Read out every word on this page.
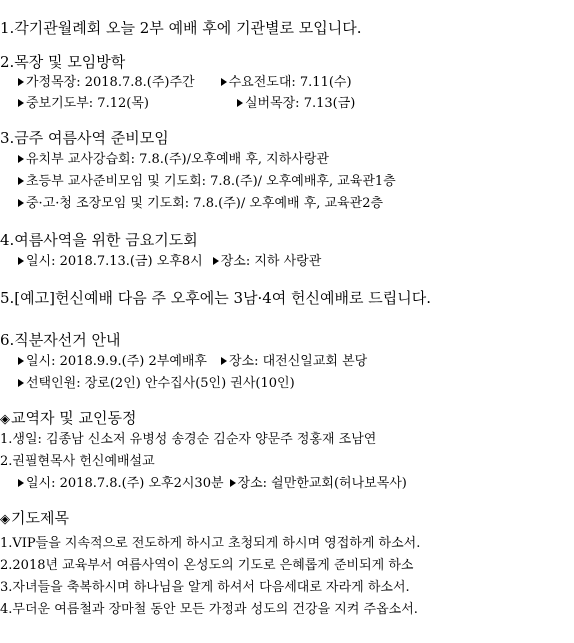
1.각기관월례회 오늘 2부 예배 후에 기관별로 모입니다.
2.목장 및 모임방학
가정목장: 2018.7.8.(주)주간	수요전도대: 7.11(수)
중보기도부: 7.12(목)	실버목장: 7.13(금)
3.금주 여름사역 준비모임
유치부 교사강습회: 7.8.(주)/오후예배 후, 지하사랑관
초등부 교사준비모임 및 기도회: 7.8.(주)/ 오후예배후, 교육관1층
중·고·청 조장모임 및 기도회: 7.8.(주)/ 오후예배 후, 교육관2층
4.여름사역을 위한 금요기도회
일시: 2018.7.13.(금) 오후8시 장소: 지하 사랑관
5.[예고]헌신예배 다음 주 오후에는 3남·4여 헌신예배로 드립니다.
6.직분자선거 안내
일시: 2018.9.9.(주) 2부예배후 장소: 대전신일교회 본당
선택인원: 장로(2인) 안수집사(5인) 권사(10인)
◈교역자 및 교인동정
1.생일: 김종남 신소저 유병성 송경순 김순자 양문주 정홍재 조남연
2.권필현목사 헌신예배설교
일시: 2018.7.8.(주) 오후2시30분 장소: 쉴만한교회(허나보목사)
◈기도제목
1.VIP들을 지속적으로 전도하게 하시고 초청되게 하시며 영접하게 하소서.
2.2018년 교육부서 여름사역이 온성도의 기도로 은혜롭게 준비되게 하소
3.자녀들을 축복하시며 하나님을 알게 하셔서 다음세대로 자라게 하소서.
4.무더운 여름철과 장마철 동안 모든 가정과 성도의 건강을 지켜 주옵소서.
